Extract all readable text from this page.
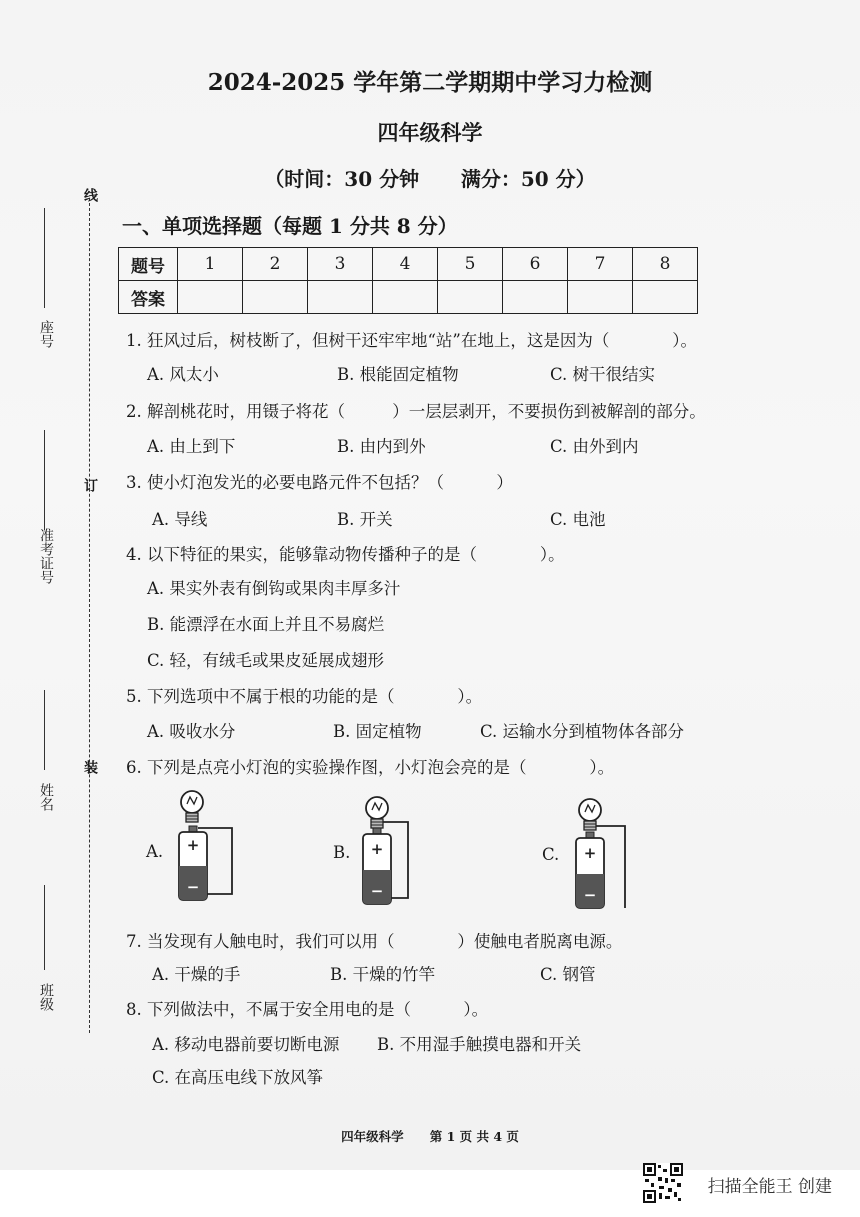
线
订
装
座号
准考证号
姓名
班级
2024-2025 学年第二学期期中学习力检测
四年级科学
（时间：30 分钟      满分：50 分）
一、单项选择题（每题 1 分共 8 分）
题号	1	2	3	4	5	6	7	8
答案								
1. 狂风过后，树枝断了，但树干还牢牢地“站”在地上，这是因为（            ）。
A. 风太小	B. 根能固定植物	C. 树干很结实
2. 解剖桃花时，用镊子将花（         ）一层层剥开，不要损伤到被解剖的部分。
A. 由上到下	B. 由内到外	C. 由外到内
3. 使小灯泡发光的必要电路元件不包括？（          ）
A. 导线	B. 开关	C. 电池
4. 以下特征的果实，能够靠动物传播种子的是（            ）。
A. 果实外表有倒钩或果肉丰厚多汁
B. 能漂浮在水面上并且不易腐烂
C. 轻，有绒毛或果皮延展成翅形
5. 下列选项中不属于根的功能的是（            ）。
A. 吸收水分	B. 固定植物	C. 运输水分到植物体各部分
6. 下列是点亮小灯泡的实验操作图，小灯泡会亮的是（            ）。
A.	B.	C.
+
−
+
−
+
−
7. 当发现有人触电时，我们可以用（            ）使触电者脱离电源。
A. 干燥的手	B. 干燥的竹竿	C. 钢管
8. 下列做法中，不属于安全用电的是（          ）。
A. 移动电器前要切断电源 B. 不用湿手触摸电器和开关
C. 在高压电线下放风筝
四年级科学      第 1 页 共 4 页
扫描全能王 创建
